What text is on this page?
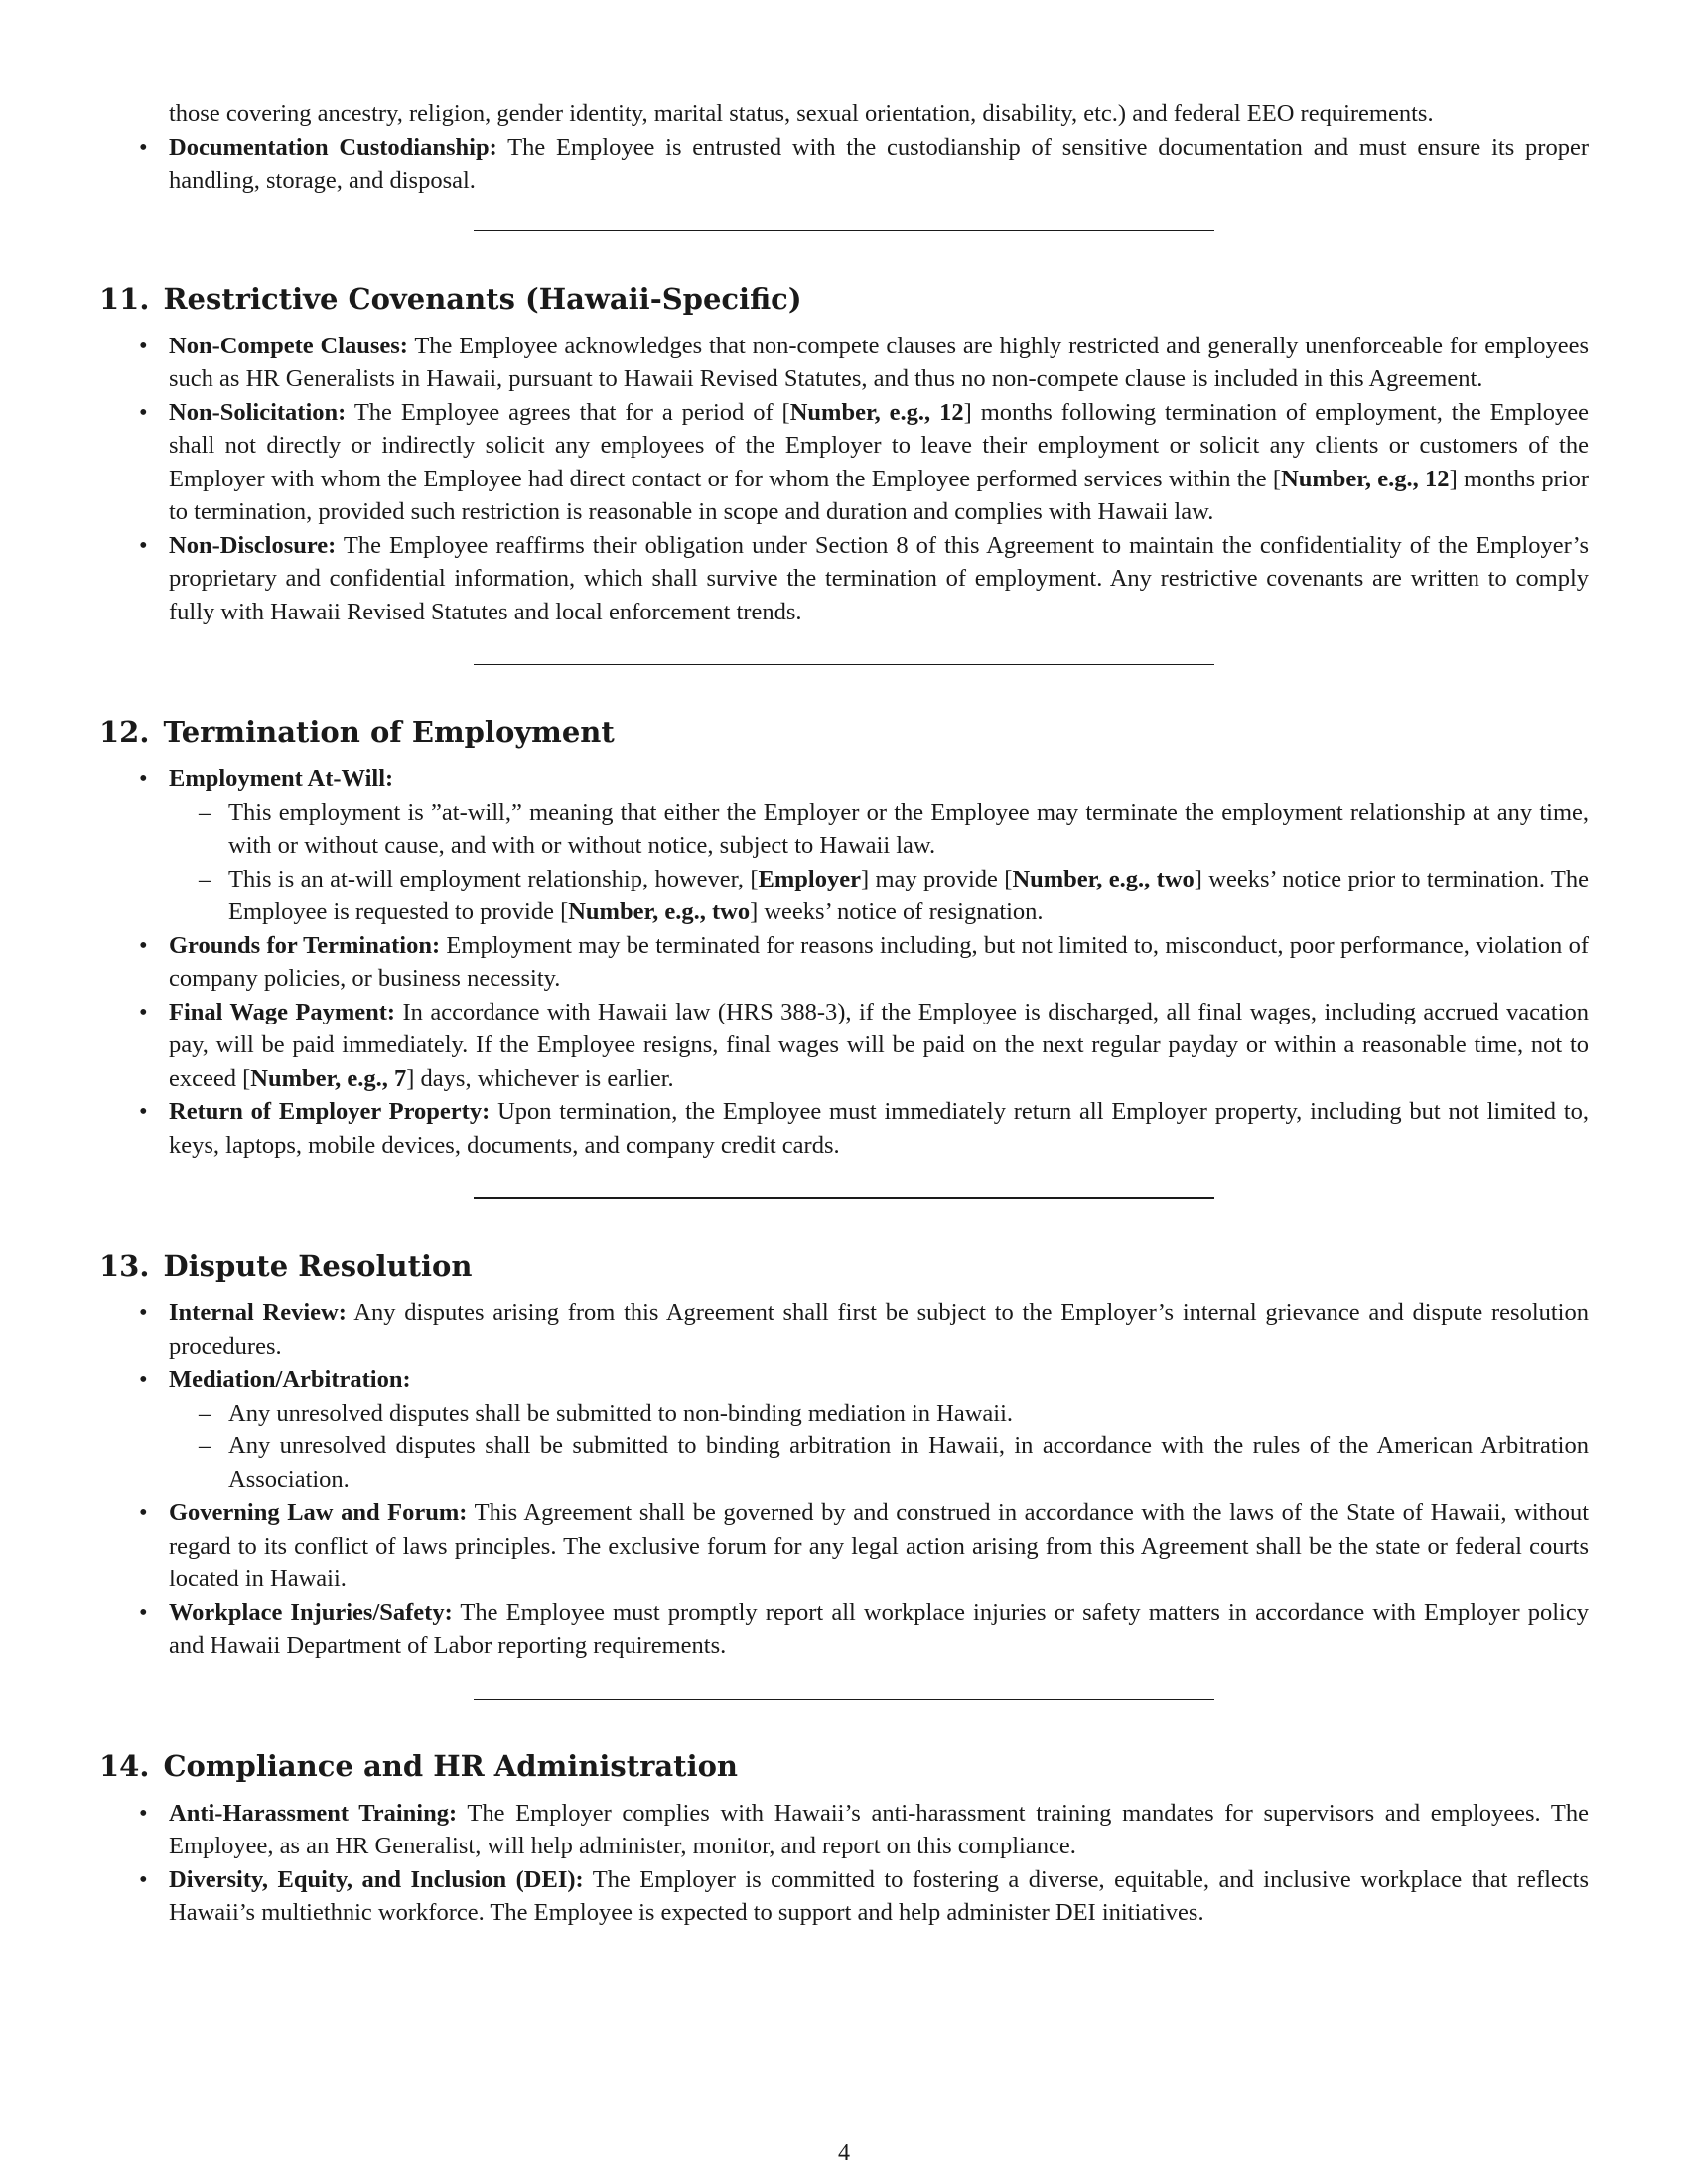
those covering ancestry, religion, gender identity, marital status, sexual orientation, disability, etc.) and federal EEO requirements.
• Documentation Custodianship: The Employee is entrusted with the custodianship of sensitive documentation and must ensure its proper handling, storage, and disposal.
11. Restrictive Covenants (Hawaii-Specific)
• Non-Compete Clauses: The Employee acknowledges that non-compete clauses are highly restricted and generally unenforceable for employees such as HR Generalists in Hawaii, pursuant to Hawaii Revised Statutes, and thus no non-compete clause is included in this Agreement.
• Non-Solicitation: The Employee agrees that for a period of [Number, e.g., 12] months following termination of employment, the Employee shall not directly or indirectly solicit any employees of the Employer to leave their employment or solicit any clients or customers of the Employer with whom the Employee had direct contact or for whom the Employee performed services within the [Number, e.g., 12] months prior to termination, provided such restriction is reasonable in scope and duration and complies with Hawaii law.
• Non-Disclosure: The Employee reaffirms their obligation under Section 8 of this Agreement to maintain the confidentiality of the Employer’s proprietary and confidential information, which shall survive the termination of employment. Any restrictive covenants are written to comply fully with Hawaii Revised Statutes and local enforcement trends.
12. Termination of Employment
• Employment At-Will:
– This employment is ”at-will,” meaning that either the Employer or the Employee may terminate the employment relationship at any time, with or without cause, and with or without notice, subject to Hawaii law.
– This is an at-will employment relationship, however, [Employer] may provide [Number, e.g., two] weeks’ notice prior to termination. The Employee is requested to provide [Number, e.g., two] weeks’ notice of resignation.
• Grounds for Termination: Employment may be terminated for reasons including, but not limited to, misconduct, poor performance, violation of company policies, or business necessity.
• Final Wage Payment: In accordance with Hawaii law (HRS 388-3), if the Employee is discharged, all final wages, including accrued vacation pay, will be paid immediately. If the Employee resigns, final wages will be paid on the next regular payday or within a reasonable time, not to exceed [Number, e.g., 7] days, whichever is earlier.
• Return of Employer Property: Upon termination, the Employee must immediately return all Employer property, including but not limited to, keys, laptops, mobile devices, documents, and company credit cards.
13. Dispute Resolution
• Internal Review: Any disputes arising from this Agreement shall first be subject to the Employer’s internal grievance and dispute resolution procedures.
• Mediation/Arbitration:
– Any unresolved disputes shall be submitted to non-binding mediation in Hawaii.
– Any unresolved disputes shall be submitted to binding arbitration in Hawaii, in accordance with the rules of the American Arbitration Association.
• Governing Law and Forum: This Agreement shall be governed by and construed in accordance with the laws of the State of Hawaii, without regard to its conflict of laws principles. The exclusive forum for any legal action arising from this Agreement shall be the state or federal courts located in Hawaii.
• Workplace Injuries/Safety: The Employee must promptly report all workplace injuries or safety matters in accordance with Employer policy and Hawaii Department of Labor reporting requirements.
14. Compliance and HR Administration
• Anti-Harassment Training: The Employer complies with Hawaii’s anti-harassment training mandates for supervisors and employees. The Employee, as an HR Generalist, will help administer, monitor, and report on this compliance.
• Diversity, Equity, and Inclusion (DEI): The Employer is committed to fostering a diverse, equitable, and inclusive workplace that reflects Hawaii’s multiethnic workforce. The Employee is expected to support and help administer DEI initiatives.
4
